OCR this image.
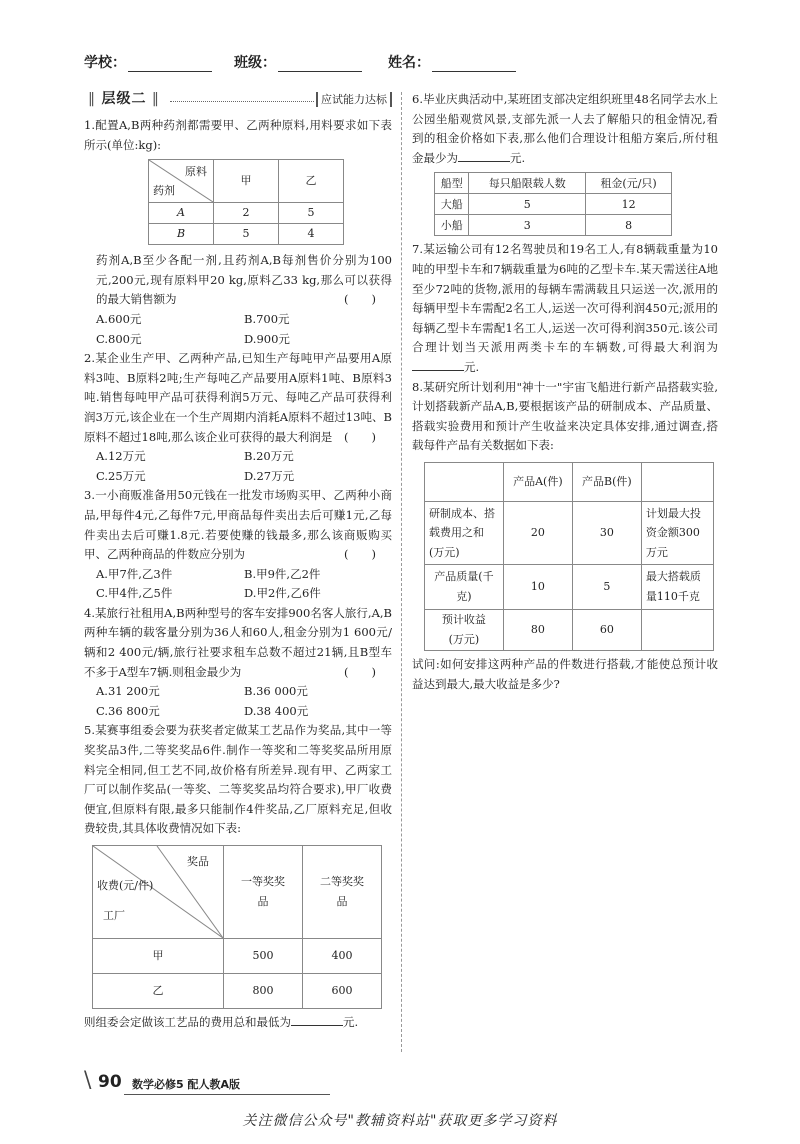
学校：	班级：	姓名：
‖ 层级二 ‖	应试能力达标

1.配置A,B两种药剂都需要甲、乙两种原料,用料要求如下表所示(单位:kg):

原料
药剂	甲	乙
A	2	5
B	5	4

药剂A,B至少各配一剂,且药剂A,B每剂售价分别为100元,200元,现有原料甲20 kg,原料乙33 kg,那么可以获得的最大销售额为	(　　)

A.600元	B.700元
C.800元	D.900元

2.某企业生产甲、乙两种产品,已知生产每吨甲产品要用A原料3吨、B原料2吨;生产每吨乙产品要用A原料1吨、B原料3吨.销售每吨甲产品可获得利润5万元、每吨乙产品可获得利润3万元,该企业在一个生产周期内消耗A原料不超过13吨、B原料不超过18吨,那么该企业可获得的最大利润是 (　　)

A.12万元	B.20万元
C.25万元	D.27万元

3.一小商贩准备用50元钱在一批发市场购买甲、乙两种小商品,甲每件4元,乙每件7元,甲商品每件卖出去后可赚1元,乙每件卖出去后可赚1.8元.若要使赚的钱最多,那么该商贩购买甲、乙两种商品的件数应分别为	(　　)

A.甲7件,乙3件	B.甲9件,乙2件
C.甲4件,乙5件	D.甲2件,乙6件

4.某旅行社租用A,B两种型号的客车安排900名客人旅行,A,B两种车辆的载客量分别为36人和60人,租金分别为1 600元/辆和2 400元/辆,旅行社要求租车总数不超过21辆,且B型车不多于A型车7辆.则租金最少为	(　　)

A.31 200元	B.36 000元
C.36 800元	D.38 400元

5.某赛事组委会要为获奖者定做某工艺品作为奖品,其中一等奖奖品3件,二等奖奖品6件.制作一等奖和二等奖奖品所用原料完全相同,但工艺不同,故价格有所差异.现有甲、乙两家工厂可以制作奖品(一等奖、二等奖奖品均符合要求),甲厂收费便宜,但原料有限,最多只能制作4件奖品,乙厂原料充足,但收费较贵,其具体收费情况如下表:

奖品
收费(元/件)
工厂	一等奖奖品	二等奖奖品
甲	500	400
乙	800	600

则组委会定做该工艺品的费用总和最低为	元.

6.毕业庆典活动中,某班团支部决定组织班里48名同学去水上公园坐船观赏风景,支部先派一人去了解船只的租金情况,看到的租金价格如下表,那么他们合理设计租船方案后,所付租金最少为	元.

船型	每只船限载人数	租金(元/只)
大船	5	12
小船	3	8

7.某运输公司有12名驾驶员和19名工人,有8辆载重量为10吨的甲型卡车和7辆载重量为6吨的乙型卡车.某天需送往A地至少72吨的货物,派用的每辆车需满载且只运送一次,派用的每辆甲型卡车需配2名工人,运送一次可得利润450元;派用的每辆乙型卡车需配1名工人,运送一次可得利润350元.该公司合理计划当天派用两类卡车的车辆数,可得最大利润为元.

8.某研究所计划利用"神十一"宇宙飞船进行新产品搭载实验,计划搭载新产品A,B,要根据该产品的研制成本、产品质量、搭载实验费用和预计产生收益来决定具体安排,通过调查,搭载每件产品有关数据如下表:

	产品A(件)	产品B(件)	
研制成本、搭载费用之和(万元)	20	30	计划最大投资金额300万元
产品质量(千克)	10	5	最大搭载质量110千克
预计收益(万元)	80	60	

试问:如何安排这两种产品的件数进行搭载,才能使总预计收益达到最大,最大收益是多少?

\ 90 数学必修5 配人教A版
关注微信公众号"教辅资料站"获取更多学习资料
